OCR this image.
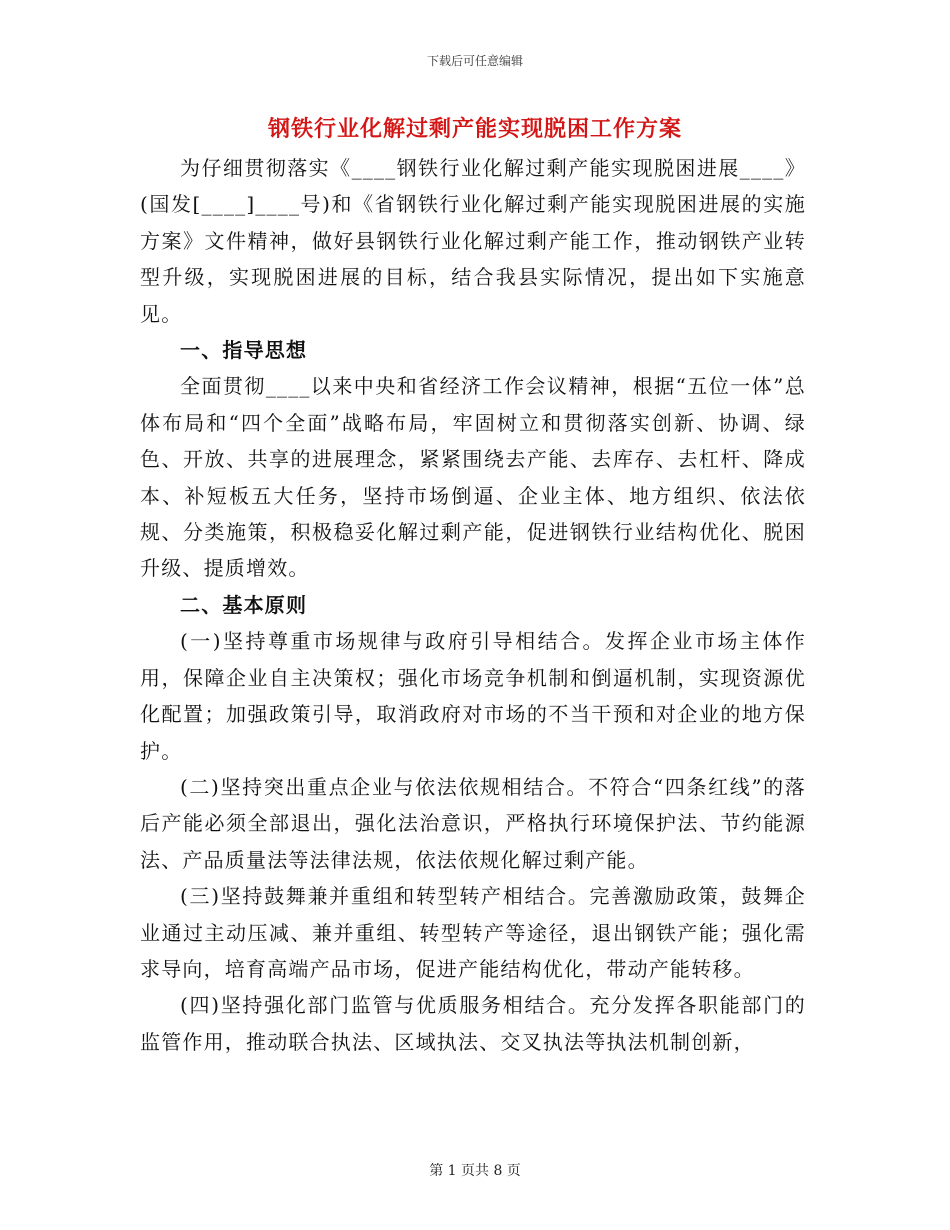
下载后可任意编辑
钢铁行业化解过剩产能实现脱困工作方案

为仔细贯彻落实《____钢铁行业化解过剩产能实现脱困进展____》(国发[____]____号)和《省钢铁行业化解过剩产能实现脱困进展的实施方案》文件精神，做好县钢铁行业化解过剩产能工作，推动钢铁产业转型升级，实现脱困进展的目标，结合我县实际情况，提出如下实施意见。

一、指导思想

全面贯彻____以来中央和省经济工作会议精神，根据“五位一体”总体布局和“四个全面”战略布局，牢固树立和贯彻落实创新、协调、绿色、开放、共享的进展理念，紧紧围绕去产能、去库存、去杠杆、降成本、补短板五大任务，坚持市场倒逼、企业主体、地方组织、依法依规、分类施策，积极稳妥化解过剩产能，促进钢铁行业结构优化、脱困升级、提质增效。

二、基本原则

(一)坚持尊重市场规律与政府引导相结合。发挥企业市场主体作用，保障企业自主决策权；强化市场竞争机制和倒逼机制，实现资源优化配置；加强政策引导，取消政府对市场的不当干预和对企业的地方保护。

(二)坚持突出重点企业与依法依规相结合。不符合“四条红线”的落后产能必须全部退出，强化法治意识，严格执行环境保护法、节约能源法、产品质量法等法律法规，依法依规化解过剩产能。

(三)坚持鼓舞兼并重组和转型转产相结合。完善激励政策，鼓舞企业通过主动压减、兼并重组、转型转产等途径，退出钢铁产能；强化需求导向，培育高端产品市场，促进产能结构优化，带动产能转移。

(四)坚持强化部门监管与优质服务相结合。充分发挥各职能部门的监管作用，推动联合执法、区域执法、交叉执法等执法机制创新，

第 1 页共 8 页
